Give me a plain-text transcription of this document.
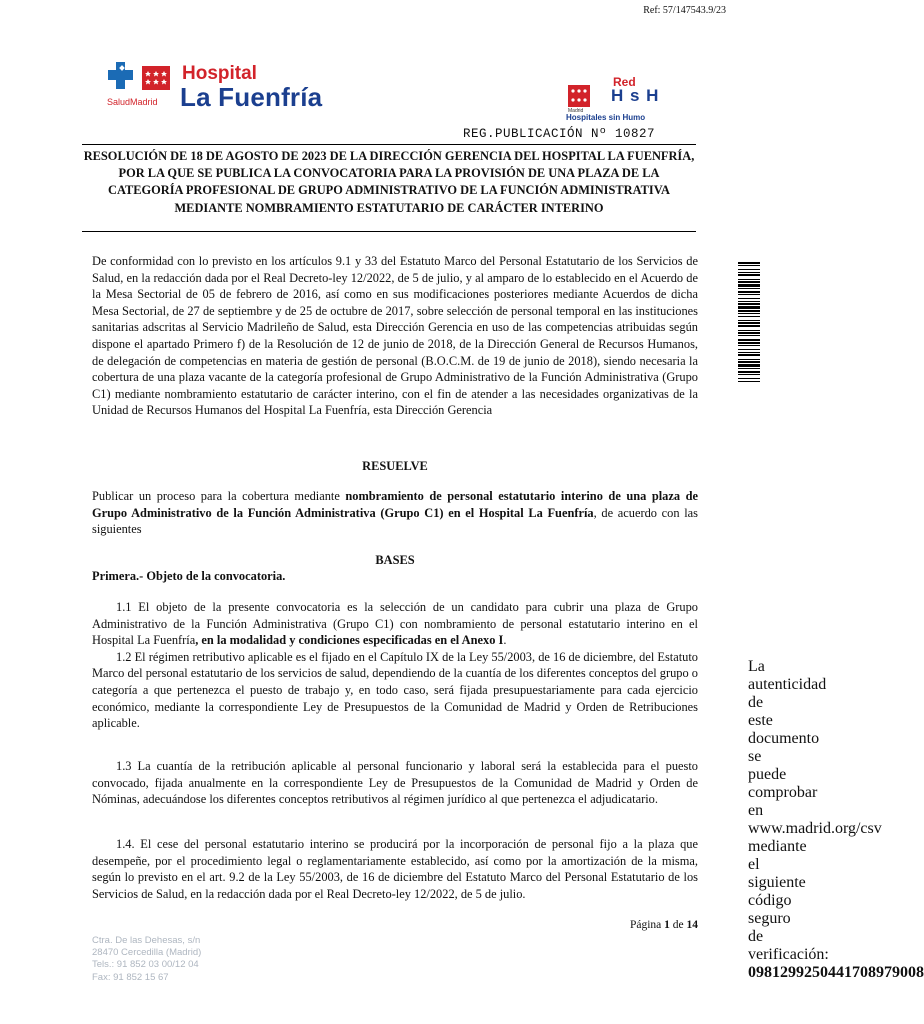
Ref: 57/147543.9/23
SaludMadrid
Hospital
La Fuenfría	Red
H s H
Madrid
Hospitales sin Humo
REG.PUBLICACIÓN Nº 10827
RESOLUCIÓN DE 18 DE AGOSTO DE 2023 DE LA DIRECCIÓN GERENCIA DEL HOSPITAL LA FUENFRÍA, POR LA QUE SE PUBLICA LA CONVOCATORIA PARA LA PROVISIÓN DE UNA PLAZA DE LA CATEGORÍA PROFESIONAL DE GRUPO ADMINISTRATIVO DE LA FUNCIÓN ADMINISTRATIVA MEDIANTE NOMBRAMIENTO ESTATUTARIO DE CARÁCTER INTERINO

De conformidad con lo previsto en los artículos 9.1 y 33 del Estatuto Marco del Personal Estatutario de los Servicios de Salud, en la redacción dada por el Real Decreto-ley 12/2022, de 5 de julio, y al amparo de lo establecido en el Acuerdo de la Mesa Sectorial de 05 de febrero de 2016, así como en sus modificaciones posteriores mediante Acuerdos de dicha Mesa Sectorial, de 27 de septiembre y de 25 de octubre de 2017, sobre selección de personal temporal en las instituciones sanitarias adscritas al Servicio Madrileño de Salud, esta Dirección Gerencia en uso de las competencias atribuidas según dispone el apartado Primero f) de la Resolución de 12 de junio de 2018, de la Dirección General de Recursos Humanos, de delegación de competencias en materia de gestión de personal (B.O.C.M. de 19 de junio de 2018), siendo necesaria la cobertura de una plaza vacante de la categoría profesional de Grupo Administrativo de la Función Administrativa (Grupo C1) mediante nombramiento estatutario de carácter interino, con el fin de atender a las necesidades organizativas de la Unidad de Recursos Humanos del Hospital La Fuenfría, esta Dirección Gerencia

RESUELVE

Publicar un proceso para la cobertura mediante nombramiento de personal estatutario interino de una plaza de Grupo Administrativo de la Función Administrativa (Grupo C1) en el Hospital La Fuenfría, de acuerdo con las siguientes

BASES
Primera.- Objeto de la convocatoria.

1.1 El objeto de la presente convocatoria es la selección de un candidato para cubrir una plaza de Grupo Administrativo de la Función Administrativa (Grupo C1) con nombramiento de personal estatutario interino en el Hospital La Fuenfría, en la modalidad y condiciones especificadas en el Anexo I.

1.2 El régimen retributivo aplicable es el fijado en el Capítulo IX de la Ley 55/2003, de 16 de diciembre, del Estatuto Marco del personal estatutario de los servicios de salud, dependiendo de la cuantía de los diferentes conceptos del grupo o categoría a que pertenezca el puesto de trabajo y, en todo caso, será fijada presupuestariamente para cada ejercicio económico, mediante la correspondiente Ley de Presupuestos de la Comunidad de Madrid y Orden de Retribuciones aplicable.

1.3 La cuantía de la retribución aplicable al personal funcionario y laboral será la establecida para el puesto convocado, fijada anualmente en la correspondiente Ley de Presupuestos de la Comunidad de Madrid y Orden de Nóminas, adecuándose los diferentes conceptos retributivos al régimen jurídico al que pertenezca el adjudicatario.

1.4. El cese del personal estatutario interino se producirá por la incorporación de personal fijo a la plaza que desempeñe, por el procedimiento legal o reglamentariamente establecido, así como por la amortización de la misma, según lo previsto en el art. 9.2 de la Ley 55/2003, de 16 de diciembre del Estatuto Marco del Personal Estatutario de los Servicios de Salud, en la redacción dada por el Real Decreto-ley 12/2022, de 5 de julio.

Página 1 de 14
Ctra. De las Dehesas, s/n
28470 Cercedilla (Madrid)
Tels.: 91 852 03 00/12 04
Fax: 91 852 15 67
La autenticidad de este documento se puede comprobar en www.madrid.org/csv
mediante el siguiente código seguro de verificación: 0981299250441708979008
